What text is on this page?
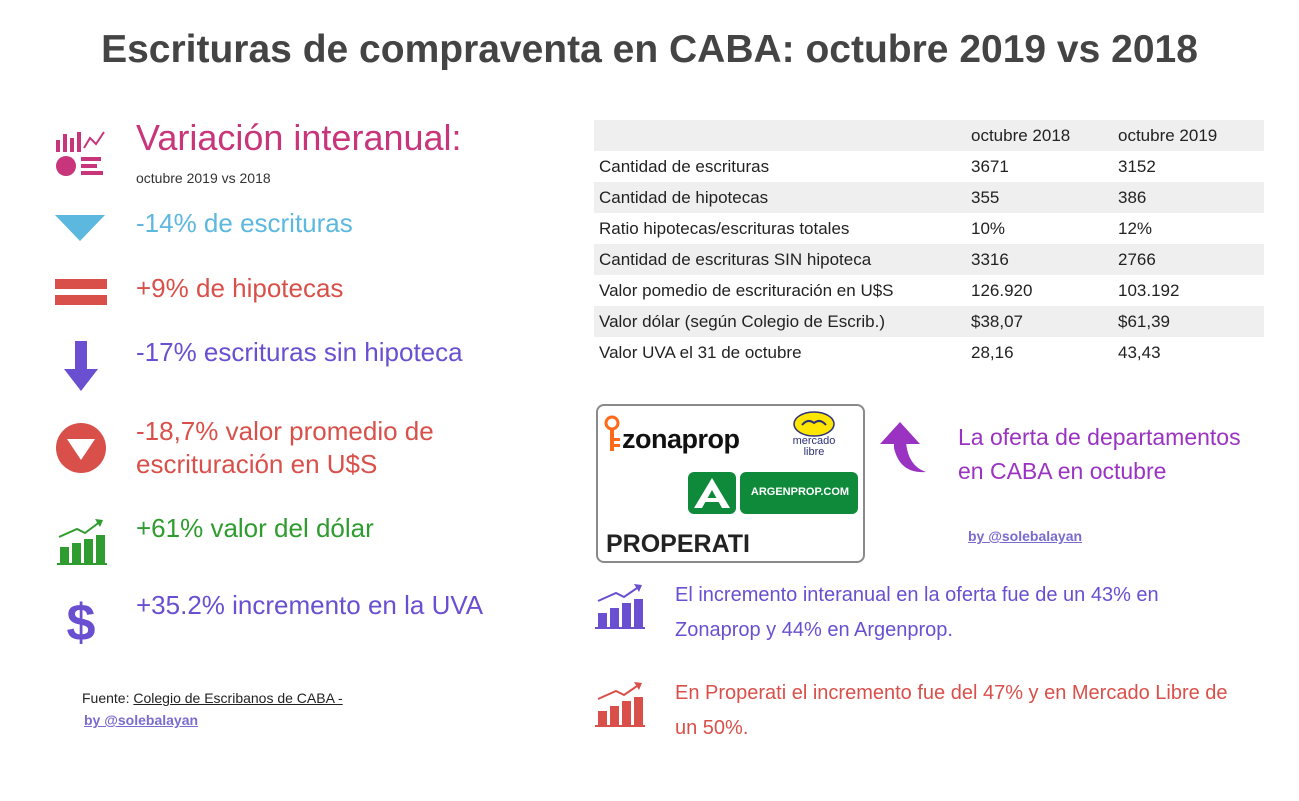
Escrituras de compraventa en CABA: octubre 2019 vs 2018
Variación interanual:
octubre 2019 vs 2018
-14% de escrituras
+9% de hipotecas
-17% escrituras sin hipoteca
-18,7% valor promedio de
escrituración en U$S
+61% valor del dólar
$ +35.2% incremento en la UVA
Fuente: Colegio de Escribanos de CABA -
by @solebalayan
	octubre 2018	octubre 2019
Cantidad de escrituras	3671	3152
Cantidad de hipotecas	355	386
Ratio hipotecas/escrituras totales	10%	12%
Cantidad de escrituras SIN hipoteca	3316	2766
Valor pomedio de escrituración en U$S	126.920	103.192
Valor dólar (según Colegio de Escrib.)	$38,07	$61,39
Valor UVA el 31 de octubre	28,16	43,43
zonaprop	mercado
libre
ARGENPROP.COM
PROPERATI
La oferta de departamentos en CABA en octubre
by @solebalayan
El incremento interanual en la oferta fue de un 43% en Zonaprop y 44% en Argenprop.
En Properati el incremento fue del 47% y en Mercado Libre de un 50%.
